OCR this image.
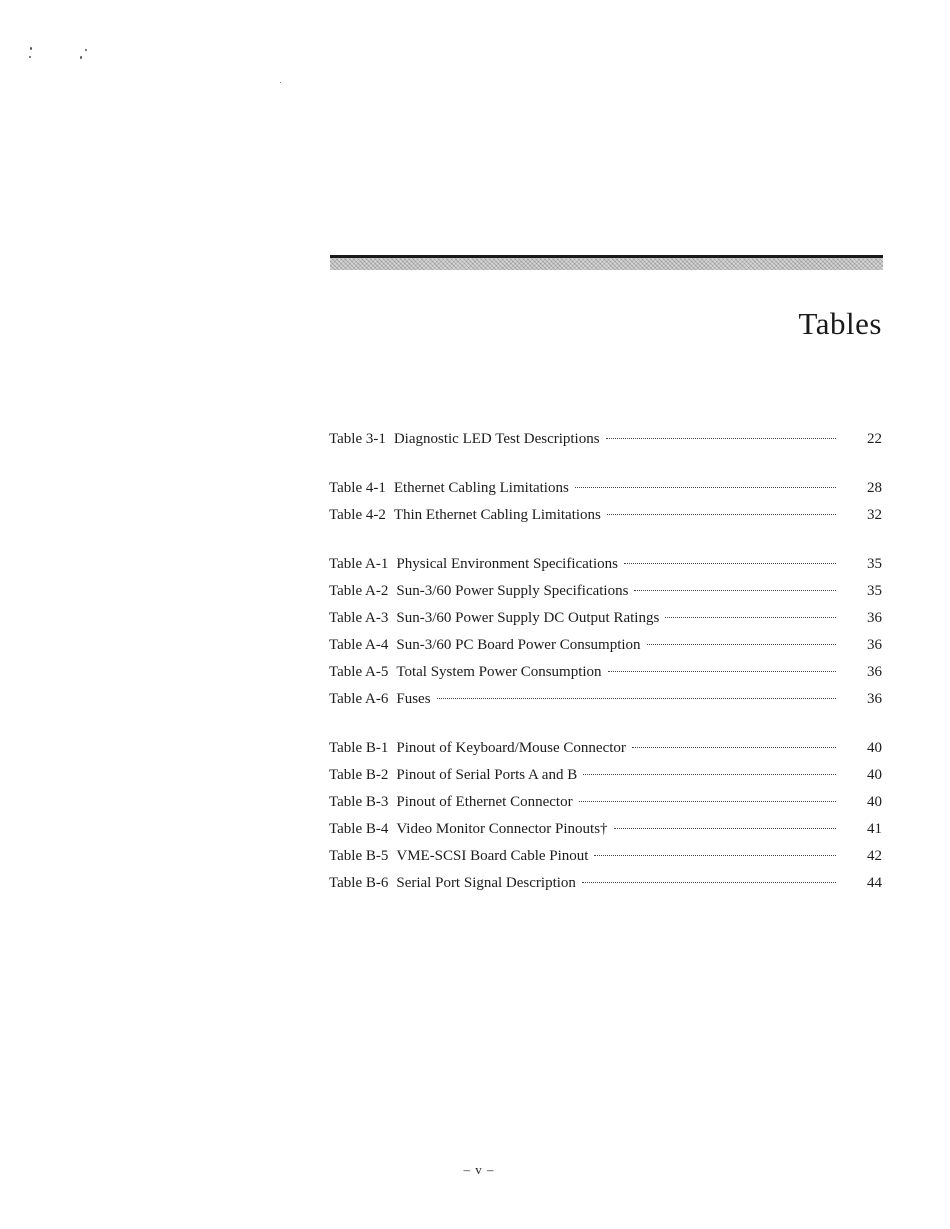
Tables
Table 3-1 Diagnostic LED Test Descriptions	22
Table 4-1 Ethernet Cabling Limitations	28
Table 4-2 Thin Ethernet Cabling Limitations	32
Table A-1 Physical Environment Specifications	35
Table A-2 Sun-3/60 Power Supply Specifications	35
Table A-3 Sun-3/60 Power Supply DC Output Ratings	36
Table A-4 Sun-3/60 PC Board Power Consumption	36
Table A-5 Total System Power Consumption	36
Table A-6 Fuses	36
Table B-1 Pinout of Keyboard/Mouse Connector	40
Table B-2 Pinout of Serial Ports A and B	40
Table B-3 Pinout of Ethernet Connector	40
Table B-4 Video Monitor Connector Pinouts†	41
Table B-5 VME-SCSI Board Cable Pinout	42
Table B-6 Serial Port Signal Description	44
– v –
